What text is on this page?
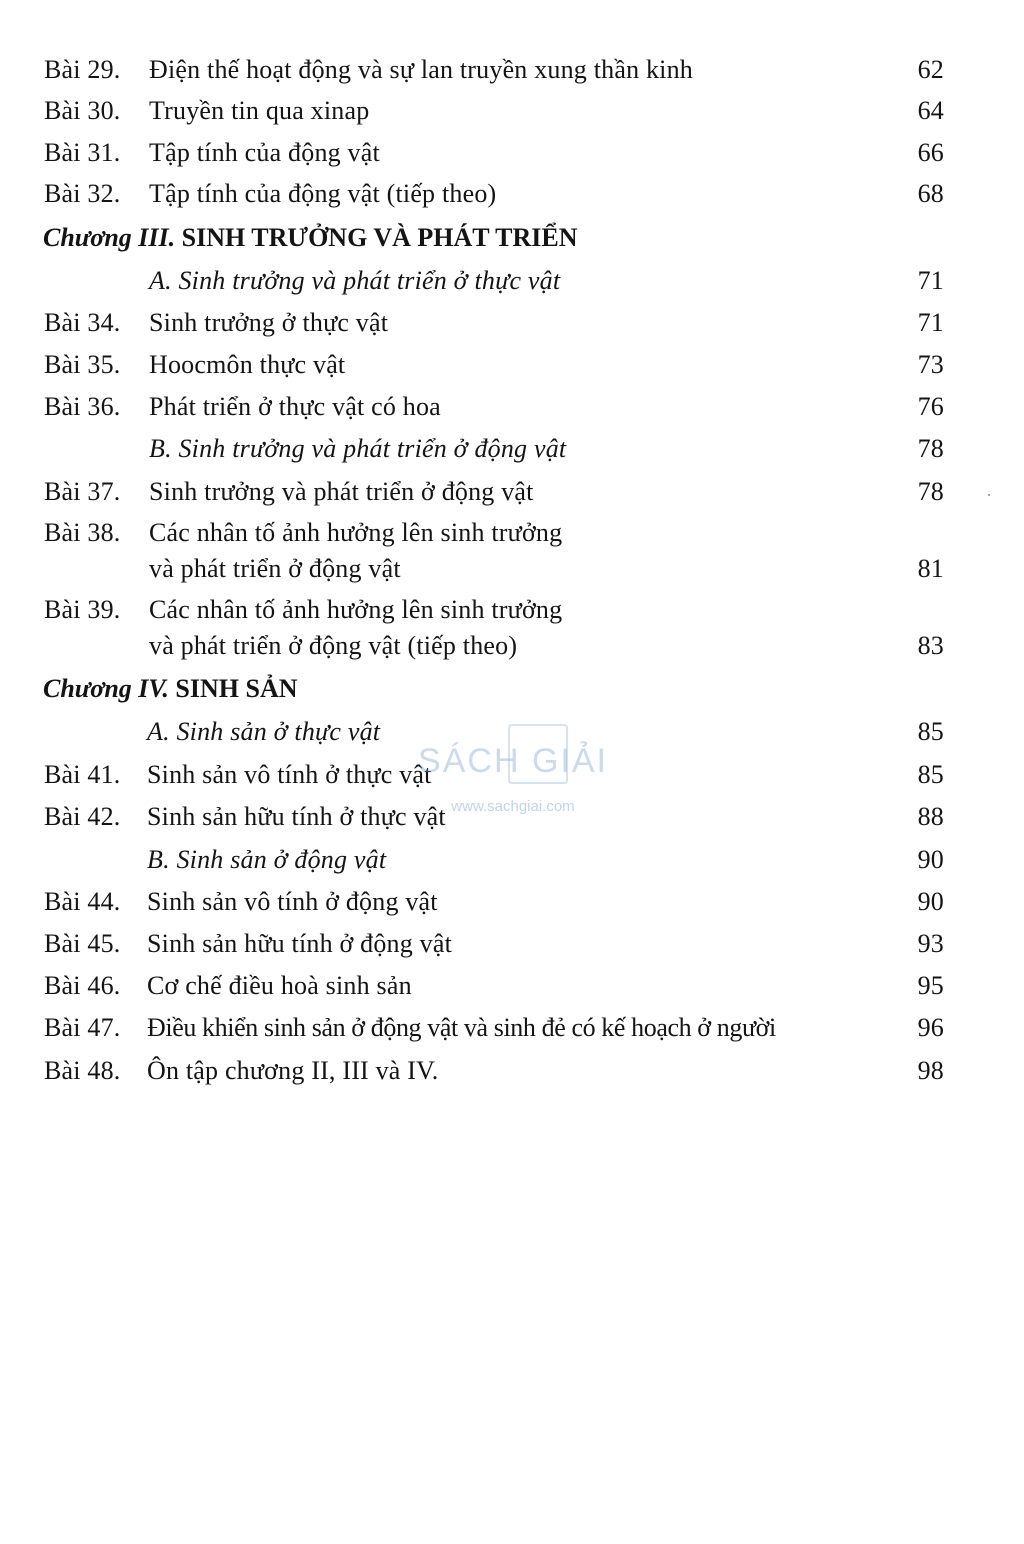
Bài 29. Điện thế hoạt động và sự lan truyền xung thần kinh	62
Bài 30. Truyền tin qua xinap	64
Bài 31. Tập tính của động vật	66
Bài 32. Tập tính của động vật (tiếp theo)	68
Chương III. SINH TRƯỞNG VÀ PHÁT TRIỂN
A. Sinh trưởng và phát triển ở thực vật	71
Bài 34. Sinh trưởng ở thực vật	71
Bài 35. Hoocmôn thực vật	73
Bài 36. Phát triển ở thực vật có hoa	76
B. Sinh trưởng và phát triển ở động vật	78
Bài 37. Sinh trưởng và phát triển ở động vật	78
Bài 38. Các nhân tố ảnh hưởng lên sinh trưởng
và phát triển ở động vật	81
Bài 39. Các nhân tố ảnh hưởng lên sinh trưởng
và phát triển ở động vật (tiếp theo)	83
Chương IV. SINH SẢN
A. Sinh sản ở thực vật	85
Bài 41. Sinh sản vô tính ở thực vật	85
Bài 42. Sinh sản hữu tính ở thực vật	88
B. Sinh sản ở động vật	90
Bài 44. Sinh sản vô tính ở động vật	90
Bài 45. Sinh sản hữu tính ở động vật	93
Bài 46. Cơ chế điều hoà sinh sản	95
Bài 47. Điều khiển sinh sản ở động vật và sinh đẻ có kế hoạch ở người	96
Bài 48. Ôn tập chương II, III và IV.	98
SÁCH GIẢI
www.sachgiai.com
